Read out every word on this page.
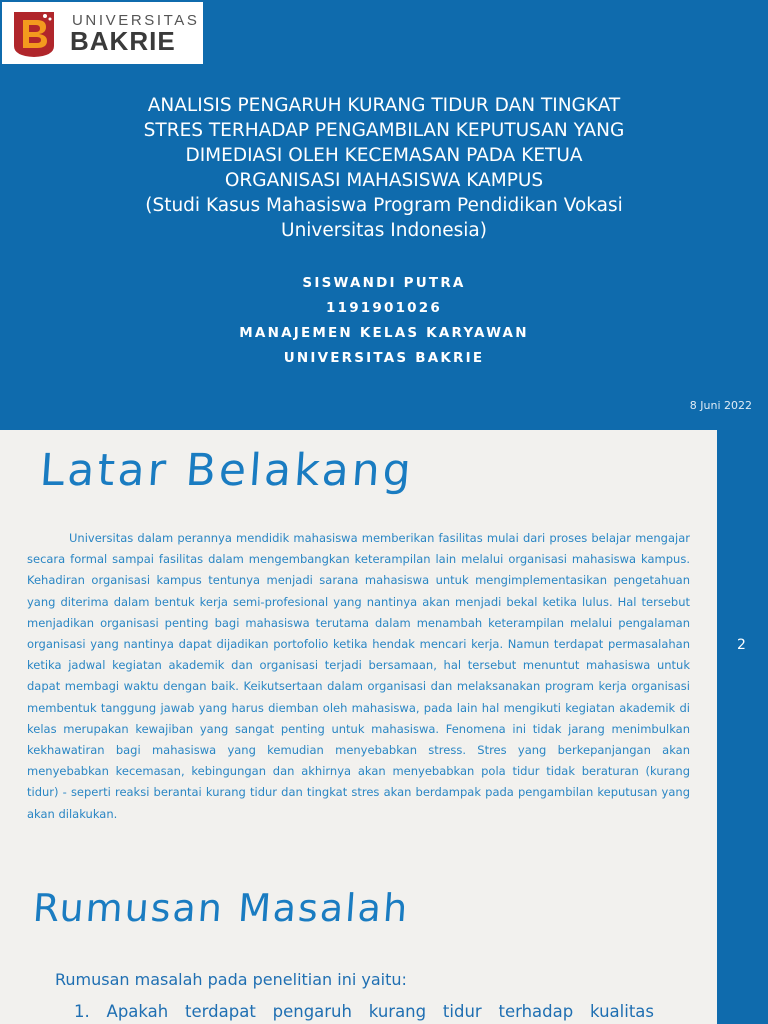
UNIVERSITAS
BAKRIE
ANALISIS PENGARUH KURANG TIDUR DAN TINGKAT
STRES TERHADAP PENGAMBILAN KEPUTUSAN YANG
DIMEDIASI OLEH KECEMASAN PADA KETUA
ORGANISASI MAHASISWA KAMPUS
(Studi Kasus Mahasiswa Program Pendidikan Vokasi
Universitas Indonesia)
SISWANDI PUTRA
1191901026
MANAJEMEN KELAS KARYAWAN
UNIVERSITAS BAKRIE
8 Juni 2022
2
Latar Belakang
Universitas dalam perannya mendidik mahasiswa memberikan fasilitas mulai dari proses belajar mengajar secara formal sampai fasilitas dalam mengembangkan keterampilan lain melalui organisasi mahasiswa kampus. Kehadiran organisasi kampus tentunya menjadi sarana mahasiswa untuk mengimplementasikan pengetahuan yang diterima dalam bentuk kerja semi-profesional yang nantinya akan menjadi bekal ketika lulus. Hal tersebut menjadikan organisasi penting bagi mahasiswa terutama dalam menambah keterampilan melalui pengalaman organisasi yang nantinya dapat dijadikan portofolio ketika hendak mencari kerja. Namun terdapat permasalahan ketika jadwal kegiatan akademik dan organisasi terjadi bersamaan, hal tersebut menuntut mahasiswa untuk dapat membagi waktu dengan baik. Keikutsertaan dalam organisasi dan melaksanakan program kerja organisasi membentuk tanggung jawab yang harus diemban oleh mahasiswa, pada lain hal mengikuti kegiatan akademik di kelas merupakan kewajiban yang sangat penting untuk mahasiswa. Fenomena ini tidak jarang menimbulkan kekhawatiran bagi mahasiswa yang kemudian menyebabkan stress. Stres yang berkepanjangan akan menyebabkan kecemasan, kebingungan dan akhirnya akan menyebabkan pola tidur tidak beraturan (kurang tidur) - seperti reaksi berantai kurang tidur dan tingkat stres akan berdampak pada pengambilan keputusan yang akan dilakukan.
Rumusan Masalah
Rumusan masalah pada penelitian ini yaitu:
1. Apakah terdapat pengaruh kurang tidur terhadap kualitas
